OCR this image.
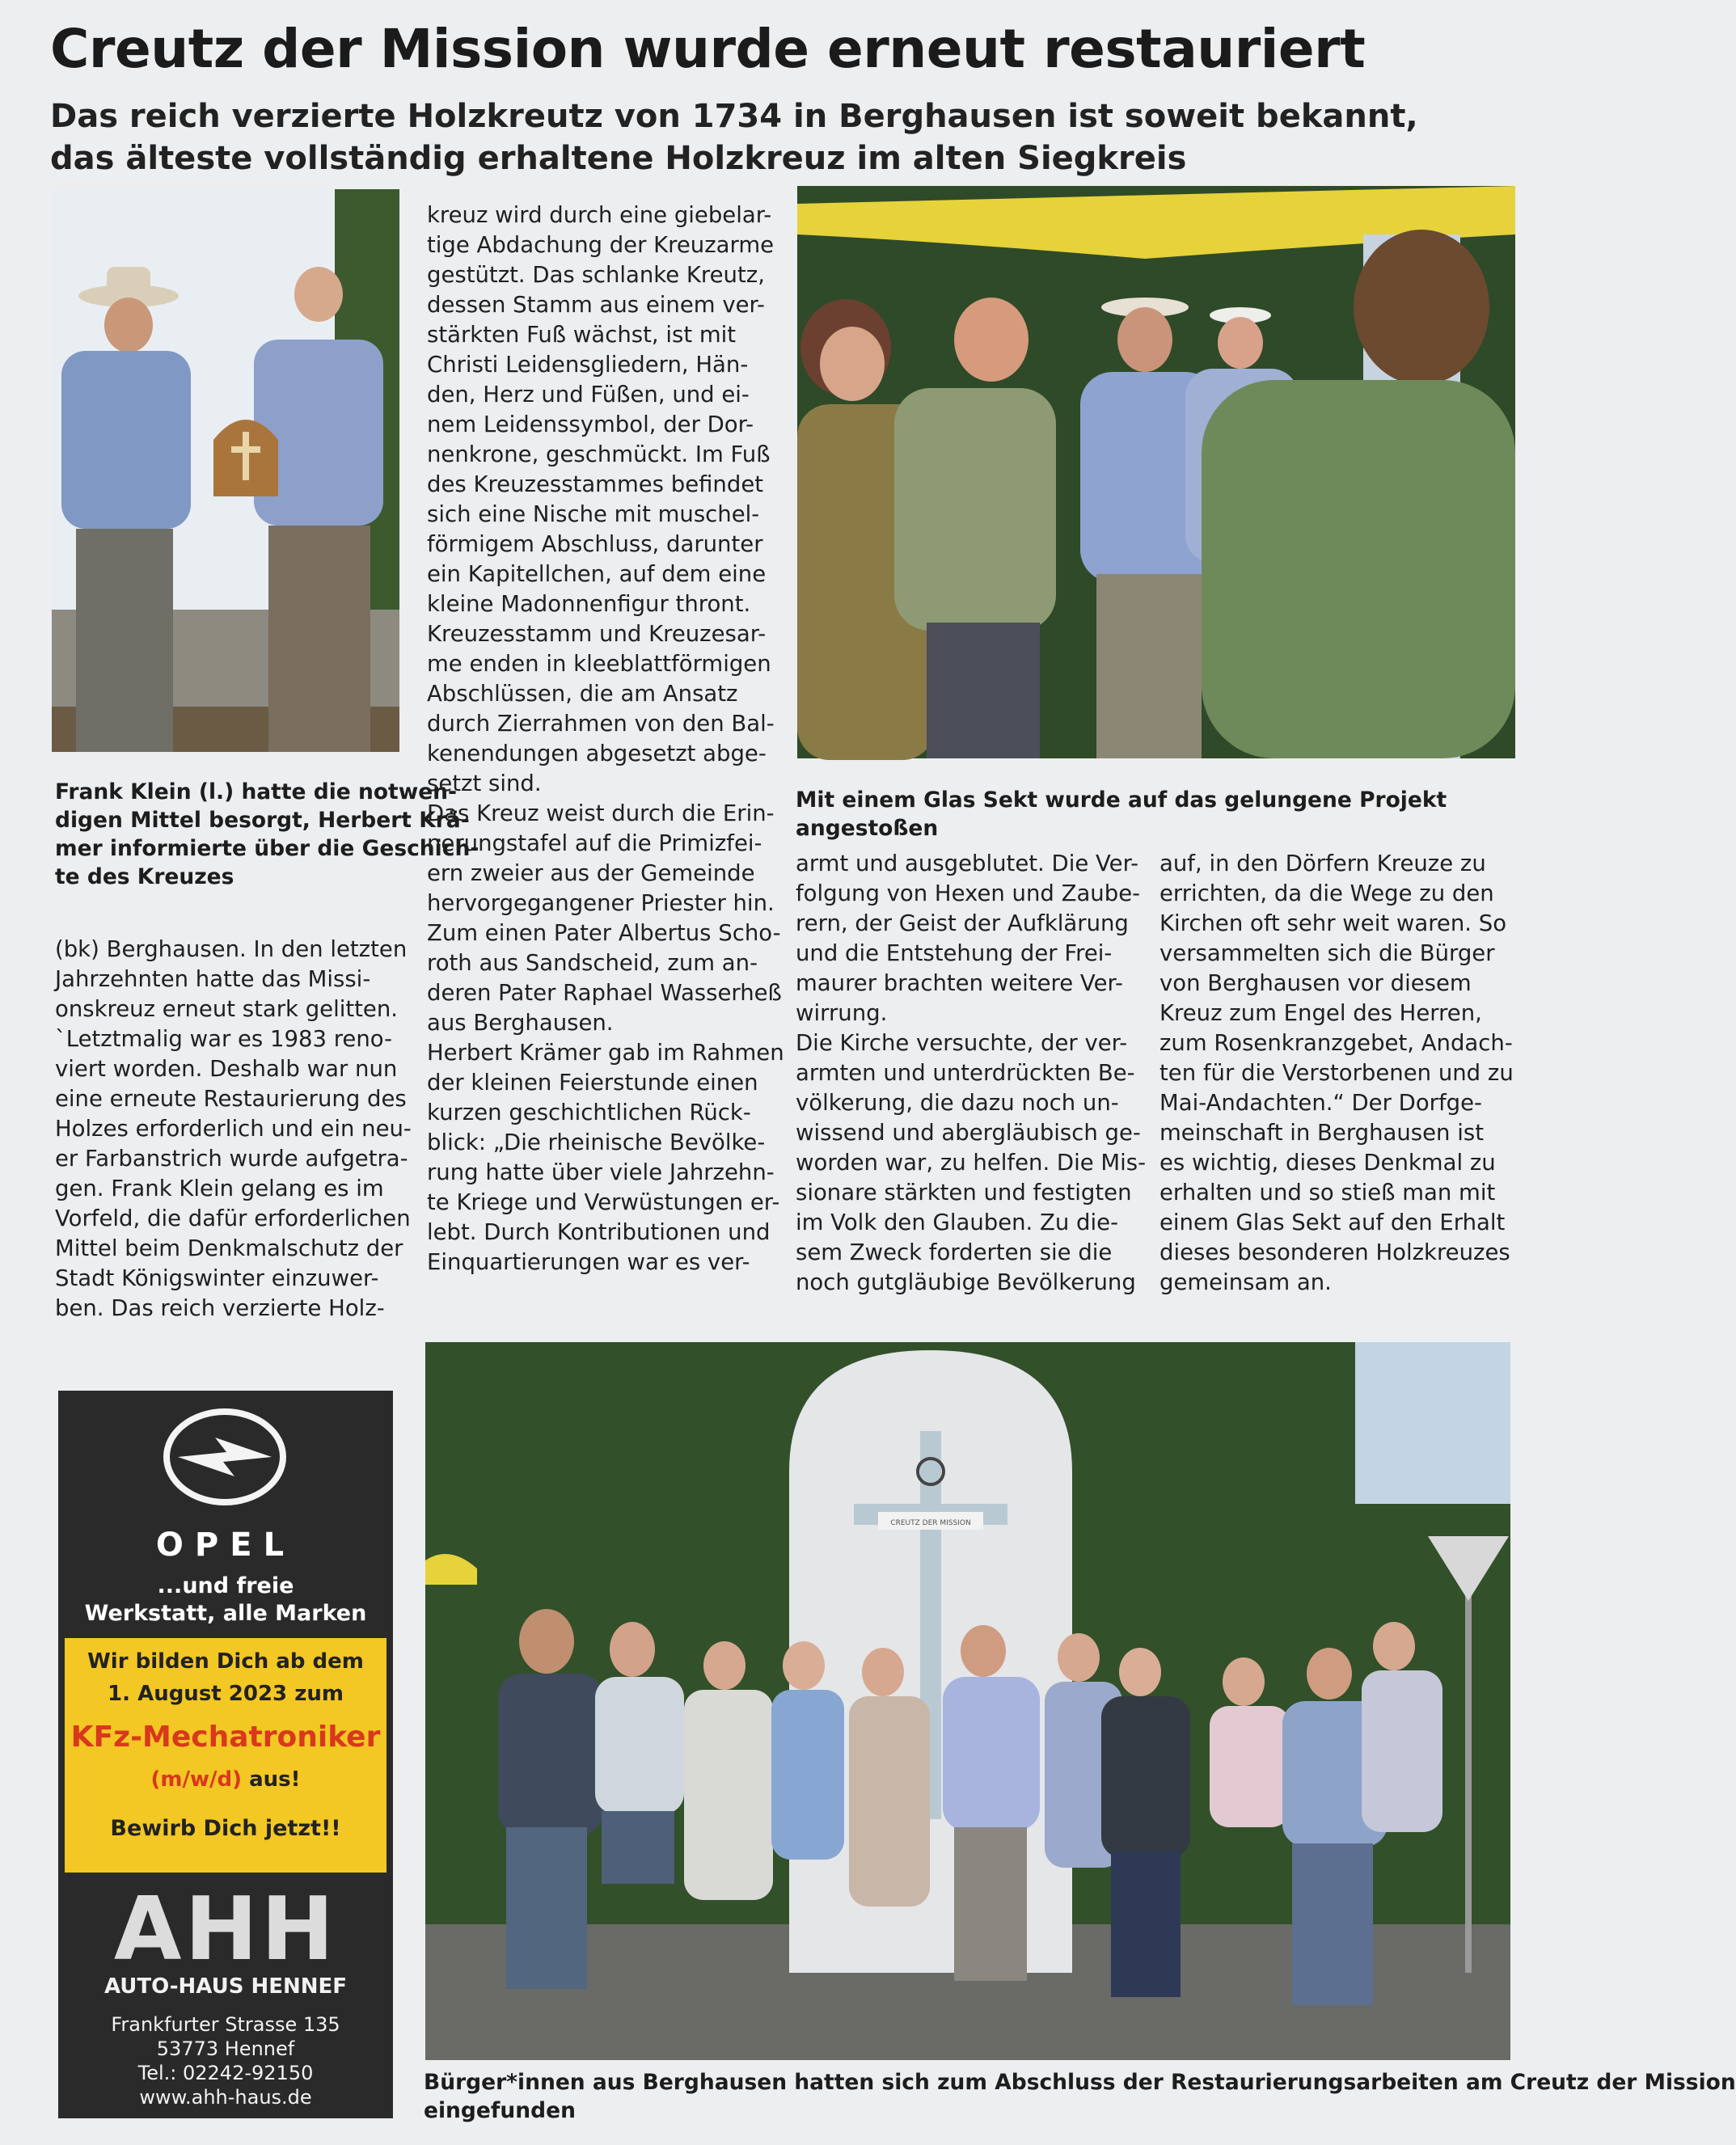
Creutz der Mission wurde erneut restauriert
Das reich verzierte Holzkreutz von 1734 in Berghausen ist soweit bekannt,
das älteste vollständig erhaltene Holzkreuz im alten Siegkreis
Mit einem Glas Sekt wurde auf das gelungene Projekt angestoßen
Frank Klein (l.) hatte die notwen-
digen Mittel besorgt, Herbert Krä-
mer informierte über die Geschich-
te des Kreuzes

(bk) Berghausen. In den letzten

Jahrzehnten hatte das Missi-

onskreuz erneut stark gelitten.

`Letztmalig war es 1983 reno-

viert worden. Deshalb war nun

eine erneute Restaurierung des

Holzes erforderlich und ein neu-

er Farbanstrich wurde aufgetra-

gen. Frank Klein gelang es im

Vorfeld, die dafür erforderlichen

Mittel beim Denkmalschutz der

Stadt Königswinter einzuwer-

ben. Das reich verzierte Holz-

kreuz wird durch eine giebelar-

tige Abdachung der Kreuzarme

gestützt. Das schlanke Kreutz,

dessen Stamm aus einem ver-

stärkten Fuß wächst, ist mit

Christi Leidensgliedern, Hän-

den, Herz und Füßen, und ei-

nem Leidenssymbol, der Dor-

nenkrone, geschmückt. Im Fuß

des Kreuzesstammes befindet

sich eine Nische mit muschel-

förmigem Abschluss, darunter

ein Kapitellchen, auf dem eine

kleine Madonnenfigur thront.

Kreuzesstamm und Kreuzesar-

me enden in kleeblattförmigen

Abschlüssen, die am Ansatz

durch Zierrahmen von den Bal-

kenendungen abgesetzt abge-

setzt sind.

Das Kreuz weist durch die Erin-

nerungstafel auf die Primizfei-

ern zweier aus der Gemeinde

hervorgegangener Priester hin.

Zum einen Pater Albertus Scho-

roth aus Sandscheid, zum an-

deren Pater Raphael Wasserheß

aus Berghausen.

Herbert Krämer gab im Rahmen

der kleinen Feierstunde einen

kurzen geschichtlichen Rück-

blick: „Die rheinische Bevölke-

rung hatte über viele Jahrzehn-

te Kriege und Verwüstungen er-

lebt. Durch Kontributionen und

Einquartierungen war es ver-

armt und ausgeblutet. Die Ver-

folgung von Hexen und Zaube-

rern, der Geist der Aufklärung

und die Entstehung der Frei-

maurer brachten weitere Ver-

wirrung.

Die Kirche versuchte, der ver-

armten und unterdrückten Be-

völkerung, die dazu noch un-

wissend und abergläubisch ge-

worden war, zu helfen. Die Mis-

sionare stärkten und festigten

im Volk den Glauben. Zu die-

sem Zweck forderten sie die

noch gutgläubige Bevölkerung

auf, in den Dörfern Kreuze zu

errichten, da die Wege zu den

Kirchen oft sehr weit waren. So

versammelten sich die Bürger

von Berghausen vor diesem

Kreuz zum Engel des Herren,

zum Rosenkranzgebet, Andach-

ten für die Verstorbenen und zu

Mai-Andachten.“ Der Dorfge-

meinschaft in Berghausen ist

es wichtig, dieses Denkmal zu

erhalten und so stieß man mit

einem Glas Sekt auf den Erhalt

dieses besonderen Holzkreuzes

gemeinsam an.

CREUTZ DER MISSION
Bürger*innen aus Berghausen hatten sich zum Abschluss der Restaurierungsarbeiten am Creutz der Mission
eingefunden
OPEL
...und freie
Werkstatt, alle Marken
Wir bilden Dich ab dem
1. August 2023 zum
KFz-Mechatroniker
(m/w/d) aus!
Bewirb Dich jetzt!!
AHH
AUTO-HAUS HENNEF
Frankfurter Strasse 135
53773 Hennef
Tel.: 02242-92150
www.ahh-haus.de
